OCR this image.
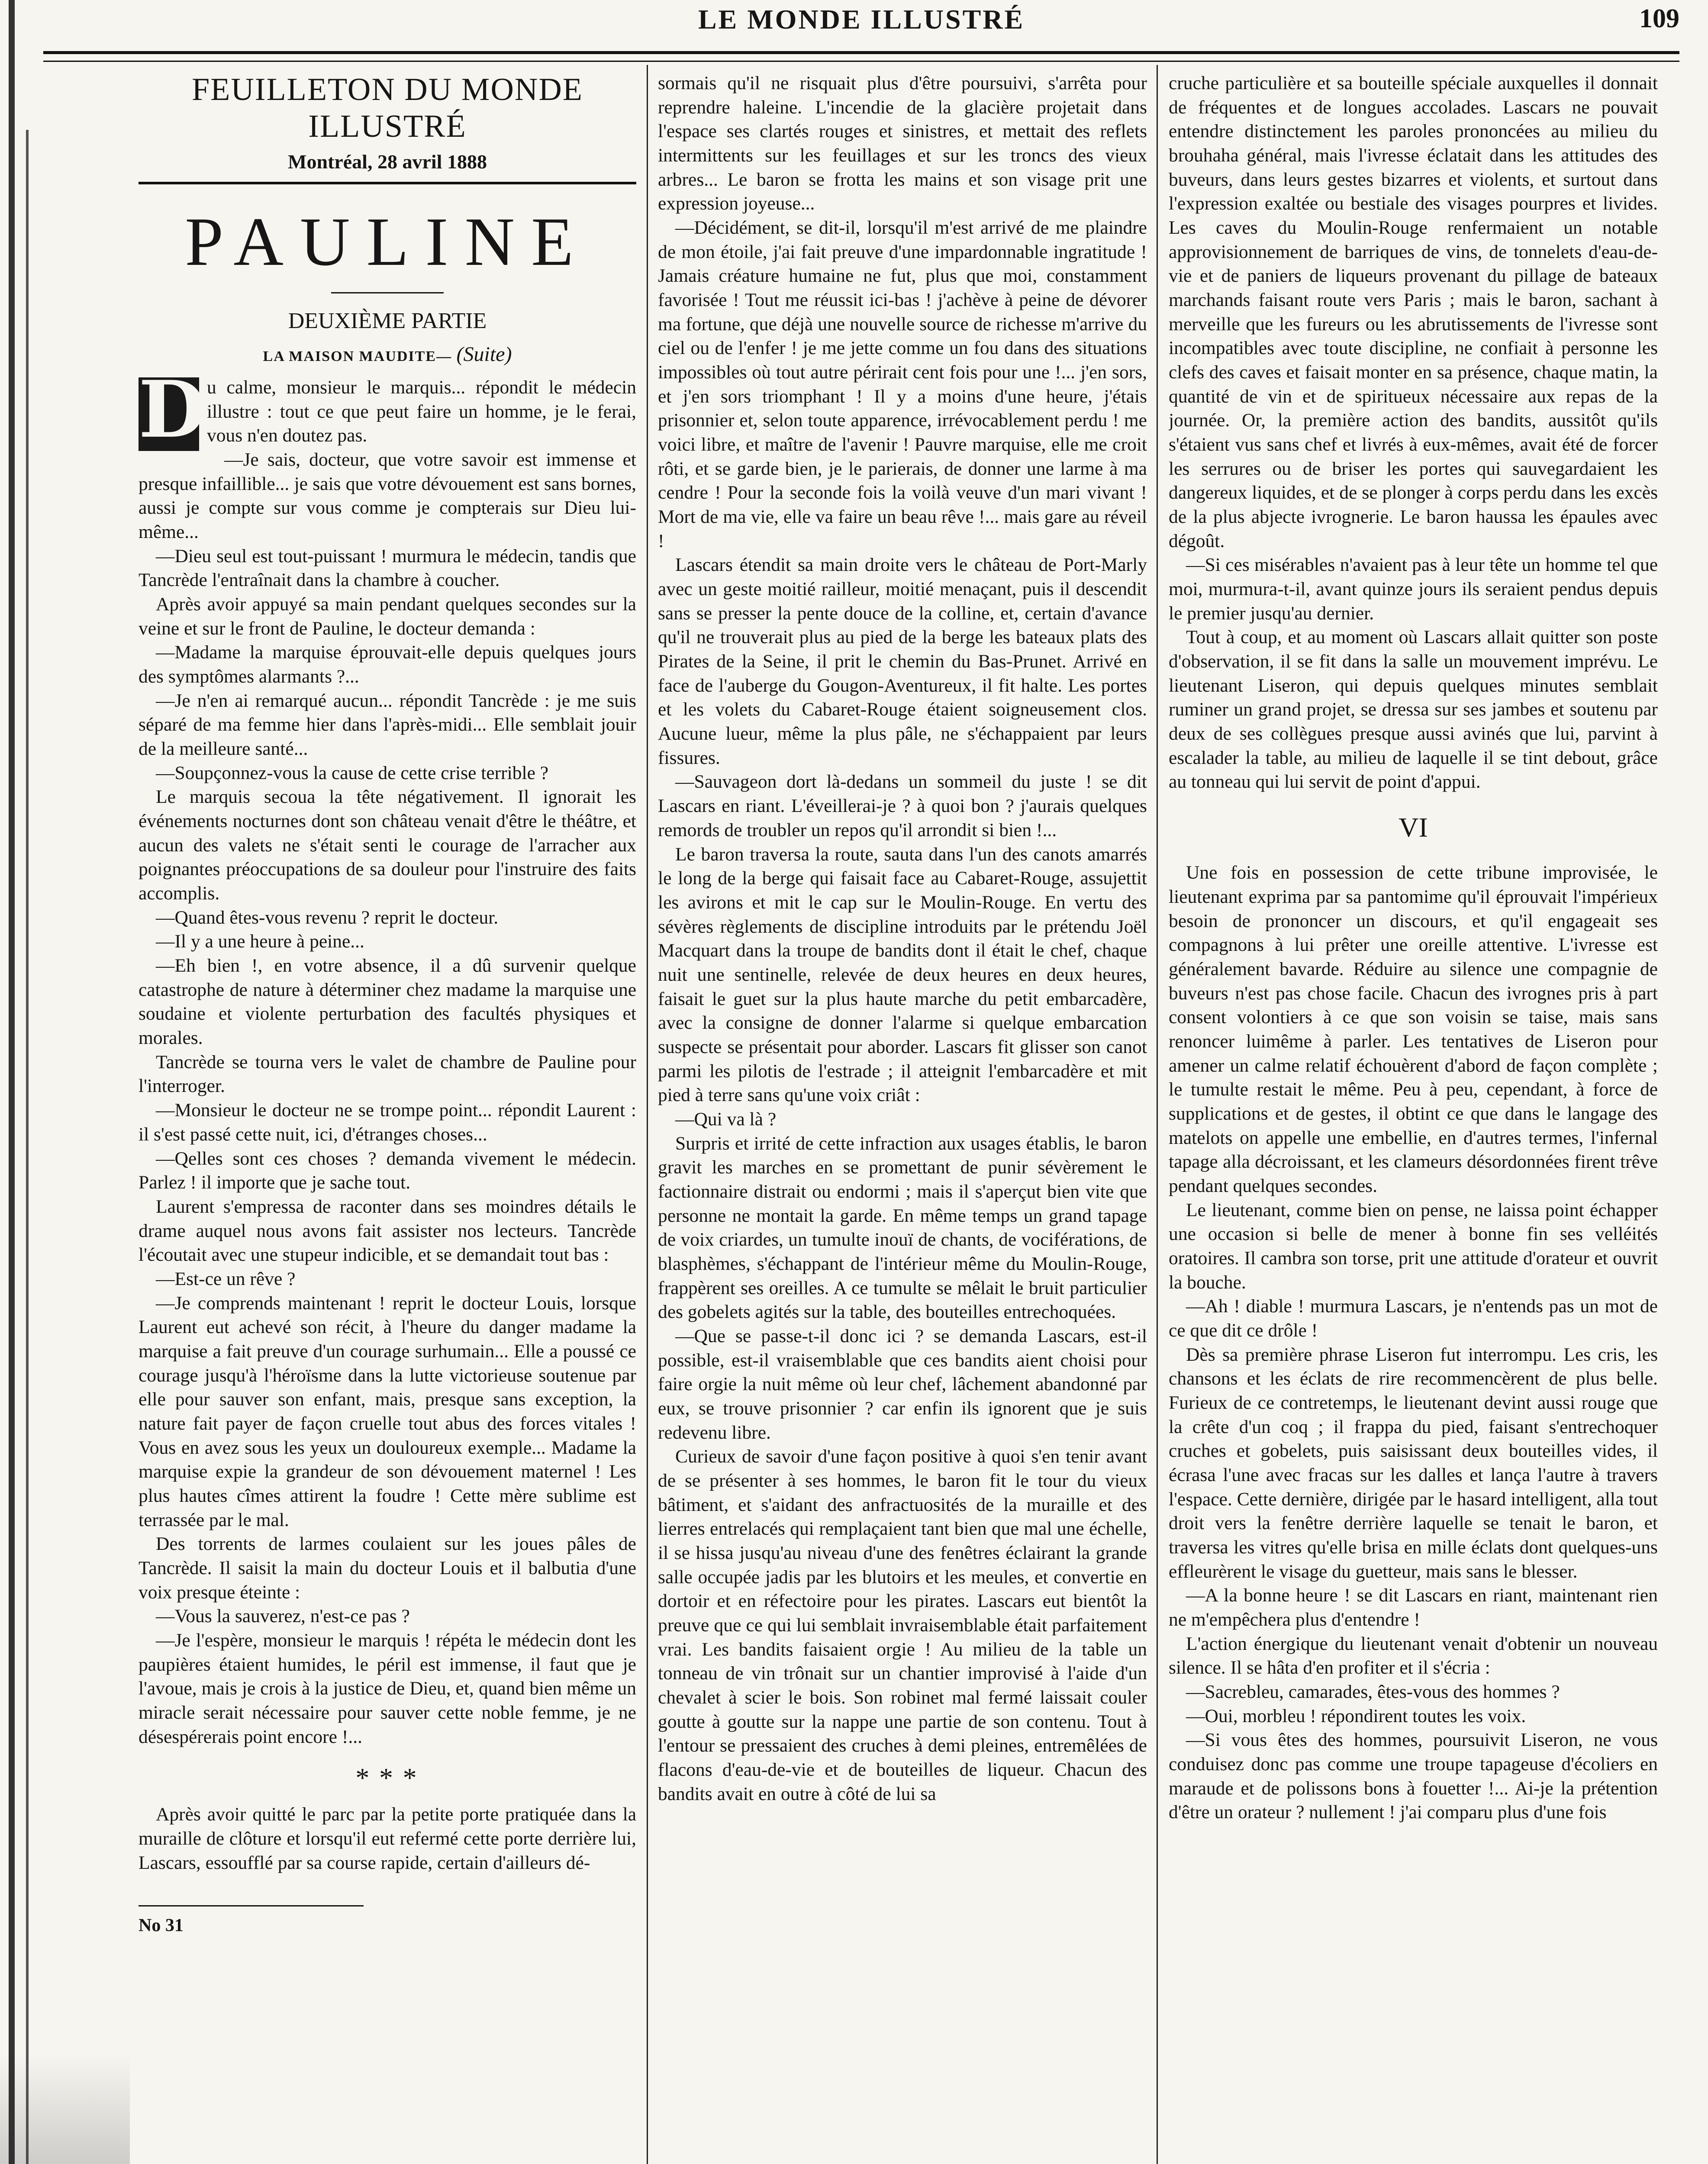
LE MONDE ILLUSTRÉ	109
FEUILLETON DU MONDE ILLUSTRÉ
Montréal, 28 avril 1888
PAULINE
DEUXIÈME PARTIE
LA MAISON MAUDITE— (Suite)

D u calme, monsieur le marquis... répondit le médecin illustre : tout ce que peut faire un homme, je le ferai, vous n'en doutez pas.

—Je sais, docteur, que votre savoir est immense et presque infaillible... je sais que votre dévouement est sans bornes, aussi je compte sur vous comme je compterais sur Dieu lui-même...

—Dieu seul est tout-puissant ! murmura le médecin, tandis que Tancrède l'entraînait dans la chambre à coucher.

Après avoir appuyé sa main pendant quelques secondes sur la veine et sur le front de Pauline, le docteur demanda :

—Madame la marquise éprouvait-elle depuis quelques jours des symptômes alarmants ?...

—Je n'en ai remarqué aucun... répondit Tancrède : je me suis séparé de ma femme hier dans l'après-midi... Elle semblait jouir de la meilleure santé...

—Soupçonnez-vous la cause de cette crise terrible ?

Le marquis secoua la tête négativement. Il ignorait les événements nocturnes dont son château venait d'être le théâtre, et aucun des valets ne s'était senti le courage de l'arracher aux poignantes préoccupations de sa douleur pour l'instruire des faits accomplis.

—Quand êtes-vous revenu ? reprit le docteur.

—Il y a une heure à peine...

—Eh bien !, en votre absence, il a dû survenir quelque catastrophe de nature à déterminer chez madame la marquise une soudaine et violente perturbation des facultés physiques et morales.

Tancrède se tourna vers le valet de chambre de Pauline pour l'interroger.

—Monsieur le docteur ne se trompe point... répondit Laurent : il s'est passé cette nuit, ici, d'étranges choses...

—Qelles sont ces choses ? demanda vivement le médecin. Parlez ! il importe que je sache tout.

Laurent s'empressa de raconter dans ses moindres détails le drame auquel nous avons fait assister nos lecteurs. Tancrède l'écoutait avec une stupeur indicible, et se demandait tout bas :

—Est-ce un rêve ?

—Je comprends maintenant ! reprit le docteur Louis, lorsque Laurent eut achevé son récit, à l'heure du danger madame la marquise a fait preuve d'un courage surhumain... Elle a poussé ce courage jusqu'à l'héroïsme dans la lutte victorieuse soutenue par elle pour sauver son enfant, mais, presque sans exception, la nature fait payer de façon cruelle tout abus des forces vitales ! Vous en avez sous les yeux un douloureux exemple... Madame la marquise expie la grandeur de son dévouement maternel ! Les plus hautes cîmes attirent la foudre ! Cette mère sublime est terrassée par le mal.

Des torrents de larmes coulaient sur les joues pâles de Tancrède. Il saisit la main du docteur Louis et il balbutia d'une voix presque éteinte :

—Vous la sauverez, n'est-ce pas ?

—Je l'espère, monsieur le marquis ! répéta le médecin dont les paupières étaient humides, le péril est immense, il faut que je l'avoue, mais je crois à la justice de Dieu, et, quand bien même un miracle serait nécessaire pour sauver cette noble femme, je ne désespérerais point encore !...

* * *

Après avoir quitté le parc par la petite porte pratiquée dans la muraille de clôture et lorsqu'il eut refermé cette porte derrière lui, Lascars, essoufflé par sa course rapide, certain d'ailleurs dé-

No 31

sormais qu'il ne risquait plus d'être poursuivi, s'arrêta pour reprendre haleine. L'incendie de la glacière projetait dans l'espace ses clartés rouges et sinistres, et mettait des reflets intermittents sur les feuillages et sur les troncs des vieux arbres... Le baron se frotta les mains et son visage prit une expression joyeuse...

—Décidément, se dit-il, lorsqu'il m'est arrivé de me plaindre de mon étoile, j'ai fait preuve d'une impardonnable ingratitude ! Jamais créature humaine ne fut, plus que moi, constamment favorisée ! Tout me réussit ici-bas ! j'achève à peine de dévorer ma fortune, que déjà une nouvelle source de richesse m'arrive du ciel ou de l'enfer ! je me jette comme un fou dans des situations impossibles où tout autre périrait cent fois pour une !... j'en sors, et j'en sors triomphant ! Il y a moins d'une heure, j'étais prisonnier et, selon toute apparence, irrévocablement perdu ! me voici libre, et maître de l'avenir ! Pauvre marquise, elle me croit rôti, et se garde bien, je le parierais, de donner une larme à ma cendre ! Pour la seconde fois la voilà veuve d'un mari vivant ! Mort de ma vie, elle va faire un beau rêve !... mais gare au réveil !

Lascars étendit sa main droite vers le château de Port-Marly avec un geste moitié railleur, moitié menaçant, puis il descendit sans se presser la pente douce de la colline, et, certain d'avance qu'il ne trouverait plus au pied de la berge les bateaux plats des Pirates de la Seine, il prit le chemin du Bas-Prunet. Arrivé en face de l'auberge du Gougon-Aventureux, il fit halte. Les portes et les volets du Cabaret-Rouge étaient soigneusement clos. Aucune lueur, même la plus pâle, ne s'échappaient par leurs fissures.

—Sauvageon dort là-dedans un sommeil du juste ! se dit Lascars en riant. L'éveillerai-je ? à quoi bon ? j'aurais quelques remords de troubler un repos qu'il arrondit si bien !...

Le baron traversa la route, sauta dans l'un des canots amarrés le long de la berge qui faisait face au Cabaret-Rouge, assujettit les avirons et mit le cap sur le Moulin-Rouge. En vertu des sévères règlements de discipline introduits par le prétendu Joël Macquart dans la troupe de bandits dont il était le chef, chaque nuit une sentinelle, relevée de deux heures en deux heures, faisait le guet sur la plus haute marche du petit embarcadère, avec la consigne de donner l'alarme si quelque embarcation suspecte se présentait pour aborder. Lascars fit glisser son canot parmi les pilotis de l'estrade ; il atteignit l'embarcadère et mit pied à terre sans qu'une voix criât :

—Qui va là ?

Surpris et irrité de cette infraction aux usages établis, le baron gravit les marches en se promettant de punir sévèrement le factionnaire distrait ou endormi ; mais il s'aperçut bien vite que personne ne montait la garde. En même temps un grand tapage de voix criardes, un tumulte inouï de chants, de vociférations, de blasphèmes, s'échappant de l'intérieur même du Moulin-Rouge, frappèrent ses oreilles. A ce tumulte se mêlait le bruit particulier des gobelets agités sur la table, des bouteilles entrechoquées.

—Que se passe-t-il donc ici ? se demanda Lascars, est-il possible, est-il vraisemblable que ces bandits aient choisi pour faire orgie la nuit même où leur chef, lâchement abandonné par eux, se trouve prisonnier ? car enfin ils ignorent que je suis redevenu libre.

Curieux de savoir d'une façon positive à quoi s'en tenir avant de se présenter à ses hommes, le baron fit le tour du vieux bâtiment, et s'aidant des anfractuosités de la muraille et des lierres entrelacés qui remplaçaient tant bien que mal une échelle, il se hissa jusqu'au niveau d'une des fenêtres éclairant la grande salle occupée jadis par les blutoirs et les meules, et convertie en dortoir et en réfectoire pour les pirates. Lascars eut bientôt la preuve que ce qui lui semblait invraisemblable était parfaitement vrai. Les bandits faisaient orgie ! Au milieu de la table un tonneau de vin trônait sur un chantier improvisé à l'aide d'un chevalet à scier le bois. Son robinet mal fermé laissait couler goutte à goutte sur la nappe une partie de son contenu. Tout à l'entour se pressaient des cruches à demi pleines, entremêlées de flacons d'eau-de-vie et de bouteilles de liqueur. Chacun des bandits avait en outre à côté de lui sa

cruche particulière et sa bouteille spéciale auxquelles il donnait de fréquentes et de longues accolades. Lascars ne pouvait entendre distinctement les paroles prononcées au milieu du brouhaha général, mais l'ivresse éclatait dans les attitudes des buveurs, dans leurs gestes bizarres et violents, et surtout dans l'expression exaltée ou bestiale des visages pourpres et livides. Les caves du Moulin-Rouge renfermaient un notable approvisionnement de barriques de vins, de tonnelets d'eau-de-vie et de paniers de liqueurs provenant du pillage de bateaux marchands faisant route vers Paris ; mais le baron, sachant à merveille que les fureurs ou les abrutissements de l'ivresse sont incompatibles avec toute discipline, ne confiait à personne les clefs des caves et faisait monter en sa présence, chaque matin, la quantité de vin et de spiritueux nécessaire aux repas de la journée. Or, la première action des bandits, aussitôt qu'ils s'étaient vus sans chef et livrés à eux-mêmes, avait été de forcer les serrures ou de briser les portes qui sauvegardaient les dangereux liquides, et de se plonger à corps perdu dans les excès de la plus abjecte ivrognerie. Le baron haussa les épaules avec dégoût.

—Si ces misérables n'avaient pas à leur tête un homme tel que moi, murmura-t-il, avant quinze jours ils seraient pendus depuis le premier jusqu'au dernier.

Tout à coup, et au moment où Lascars allait quitter son poste d'observation, il se fit dans la salle un mouvement imprévu. Le lieutenant Liseron, qui depuis quelques minutes semblait ruminer un grand projet, se dressa sur ses jambes et soutenu par deux de ses collègues presque aussi avinés que lui, parvint à escalader la table, au milieu de laquelle il se tint debout, grâce au tonneau qui lui servit de point d'appui.

VI

Une fois en possession de cette tribune improvisée, le lieutenant exprima par sa pantomime qu'il éprouvait l'impérieux besoin de prononcer un discours, et qu'il engageait ses compagnons à lui prêter une oreille attentive. L'ivresse est généralement bavarde. Réduire au silence une compagnie de buveurs n'est pas chose facile. Chacun des ivrognes pris à part consent volontiers à ce que son voisin se taise, mais sans renoncer luimême à parler. Les tentatives de Liseron pour amener un calme relatif échouèrent d'abord de façon complète ; le tumulte restait le même. Peu à peu, cependant, à force de supplications et de gestes, il obtint ce que dans le langage des matelots on appelle une embellie, en d'autres termes, l'infernal tapage alla décroissant, et les clameurs désordonnées firent trêve pendant quelques secondes.

Le lieutenant, comme bien on pense, ne laissa point échapper une occasion si belle de mener à bonne fin ses velléités oratoires. Il cambra son torse, prit une attitude d'orateur et ouvrit la bouche.

—Ah ! diable ! murmura Lascars, je n'entends pas un mot de ce que dit ce drôle !

Dès sa première phrase Liseron fut interrompu. Les cris, les chansons et les éclats de rire recommencèrent de plus belle. Furieux de ce contretemps, le lieutenant devint aussi rouge que la crête d'un coq ; il frappa du pied, faisant s'entrechoquer cruches et gobelets, puis saisissant deux bouteilles vides, il écrasa l'une avec fracas sur les dalles et lança l'autre à travers l'espace. Cette dernière, dirigée par le hasard intelligent, alla tout droit vers la fenêtre derrière laquelle se tenait le baron, et traversa les vitres qu'elle brisa en mille éclats dont quelques-uns effleurèrent le visage du guetteur, mais sans le blesser.

—A la bonne heure ! se dit Lascars en riant, maintenant rien ne m'empêchera plus d'entendre !

L'action énergique du lieutenant venait d'obtenir un nouveau silence. Il se hâta d'en profiter et il s'écria :

—Sacrebleu, camarades, êtes-vous des hommes ?

—Oui, morbleu ! répondirent toutes les voix.

—Si vous êtes des hommes, poursuivit Liseron, ne vous conduisez donc pas comme une troupe tapageuse d'écoliers en maraude et de polissons bons à fouetter !... Ai-je la prétention d'être un orateur ? nullement ! j'ai comparu plus d'une fois
